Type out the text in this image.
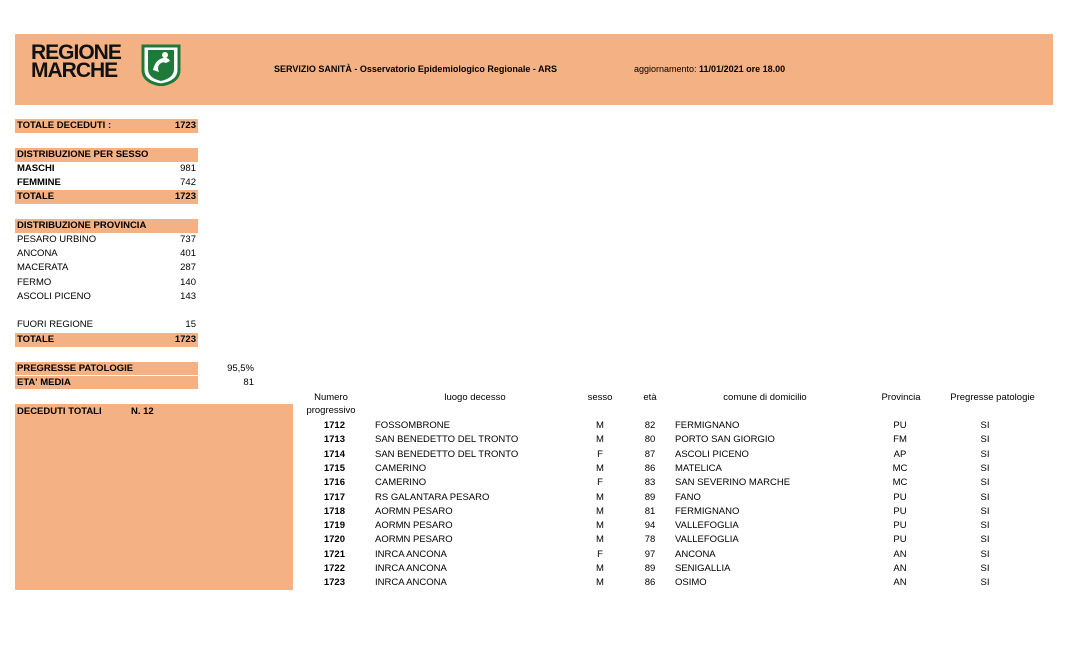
REGIONE
MARCHE	SERVIZIO SANITÀ - Osservatorio Epidemiologico Regionale - ARS	aggiornamento: 11/01/2021 ore 18.00
TOTALE DECEDUTI :	1723
DISTRIBUZIONE PER SESSO
MASCHI	981
FEMMINE	742
TOTALE	1723
DISTRIBUZIONE PROVINCIA
PESARO URBINO	737
ANCONA	401
MACERATA	287
FERMO	140
ASCOLI PICENO	143
FUORI REGIONE	15
TOTALE	1723
PREGRESSE PATOLOGIE	95,5%
ETA' MEDIA	81
DECEDUTI TOTALI	N. 12
Numero
progressivo
luogo decesso	sesso	età	comune di domicilio	Provincia	Pregresse patologie
1712	FOSSOMBRONE	M	82	FERMIGNANO	PU	SI
1713	SAN BENEDETTO DEL TRONTO	M	80	PORTO SAN GIORGIO	FM	SI
1714	SAN BENEDETTO DEL TRONTO	F	87	ASCOLI PICENO	AP	SI
1715	CAMERINO	M	86	MATELICA	MC	SI
1716	CAMERINO	F	83	SAN SEVERINO MARCHE	MC	SI
1717	RS GALANTARA PESARO	M	89	FANO	PU	SI
1718	AORMN PESARO	M	81	FERMIGNANO	PU	SI
1719	AORMN PESARO	M	94	VALLEFOGLIA	PU	SI
1720	AORMN PESARO	M	78	VALLEFOGLIA	PU	SI
1721	INRCA ANCONA	F	97	ANCONA	AN	SI
1722	INRCA ANCONA	M	89	SENIGALLIA	AN	SI
1723	INRCA ANCONA	M	86	OSIMO	AN	SI
